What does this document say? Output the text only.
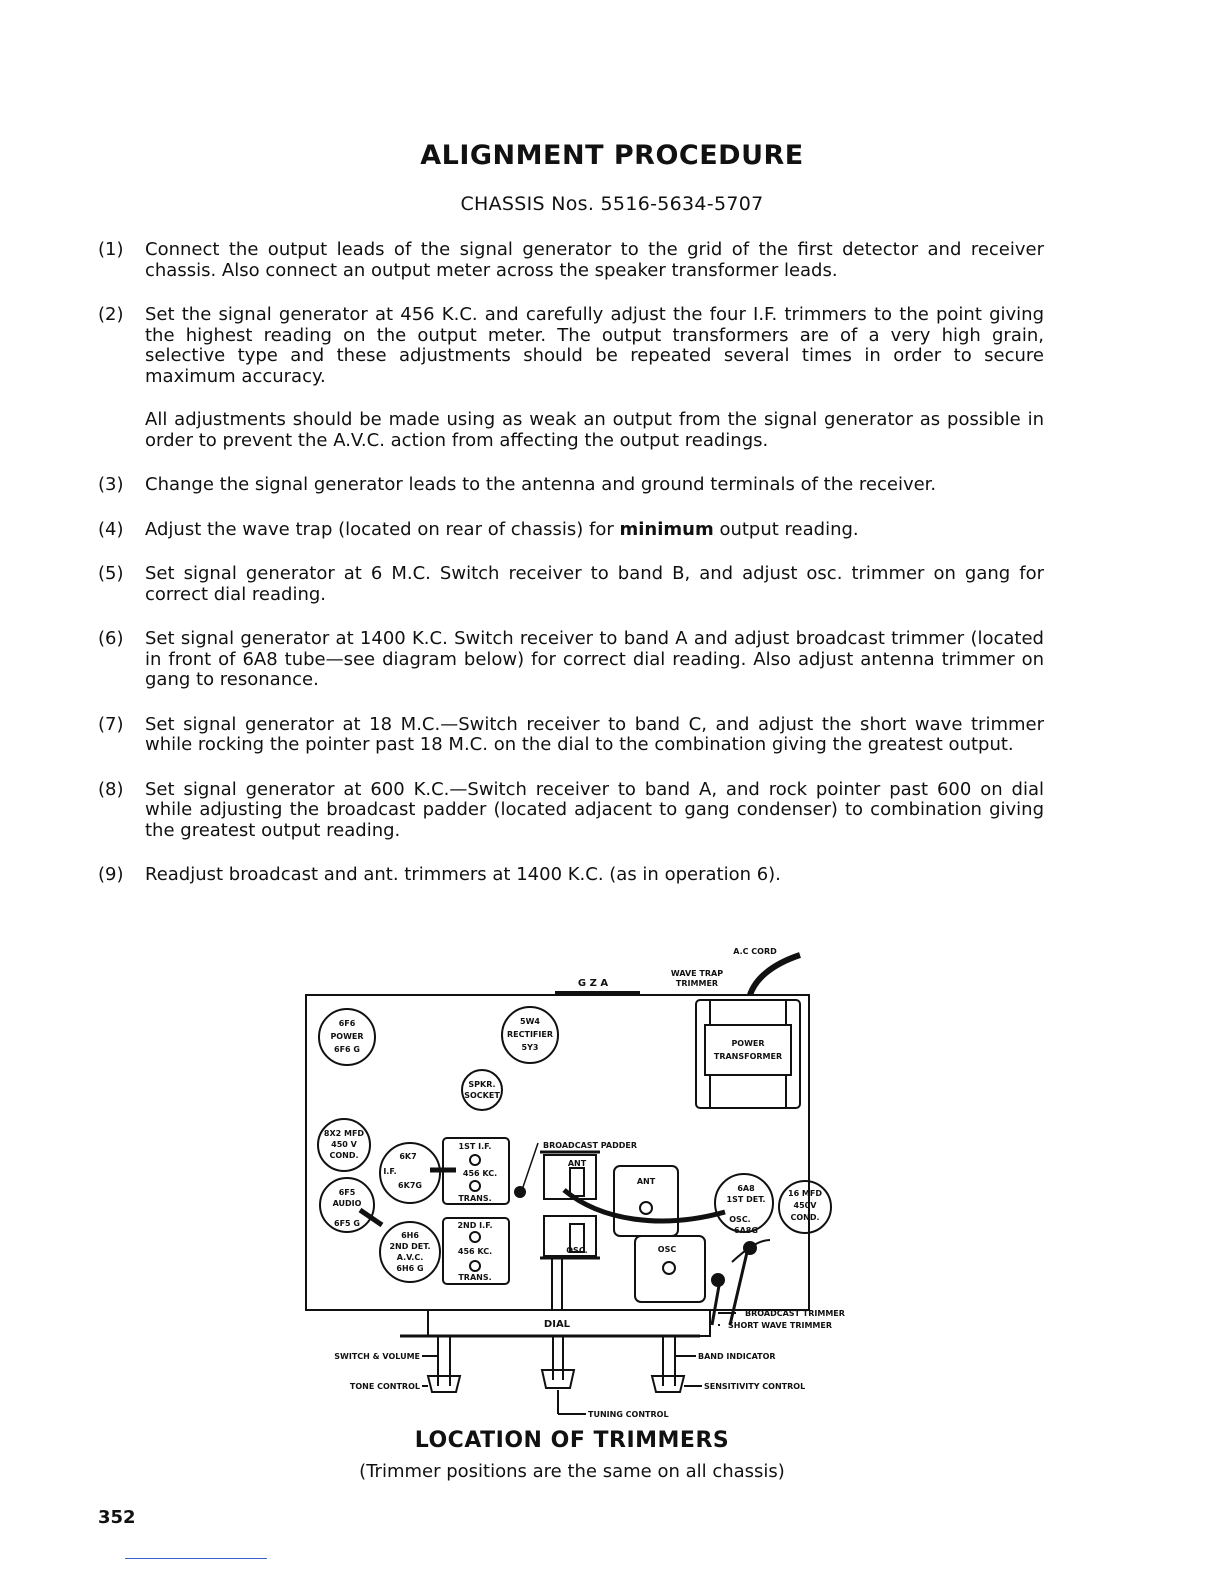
ALIGNMENT PROCEDURE
CHASSIS Nos. 5516-5634-5707
(1) Connect the output leads of the signal generator to the grid of the first detector and receiver chassis. Also connect an output meter across the speaker transformer leads.

(2) Set the signal generator at 456 K.C. and carefully adjust the four I.F. trimmers to the point giving the highest reading on the output meter. The output transformers are of a very high grain, selective type and these adjustments should be repeated several times in order to secure maximum accuracy.

All adjustments should be made using as weak an output from the signal generator as possible in order to prevent the A.V.C. action from affecting the output readings.

(3) Change the signal generator leads to the antenna and ground terminals of the receiver.

(4) Adjust the wave trap (located on rear of chassis) for minimum output reading.

(5) Set signal generator at 6 M.C. Switch receiver to band B, and adjust osc. trimmer on gang for correct dial reading.

(6) Set signal generator at 1400 K.C. Switch receiver to band A and adjust broadcast trimmer (located in front of 6A8 tube—see diagram below) for correct dial reading. Also adjust antenna trimmer on gang to resonance.

(7) Set signal generator at 18 M.C.—Switch receiver to band C, and adjust the short wave trimmer while rocking the pointer past 18 M.C. on the dial to the combination giving the greatest output.

(8) Set signal generator at 600 K.C.—Switch receiver to band A, and rock pointer past 600 on dial while adjusting the broadcast padder (located adjacent to gang condenser) to combination giving the greatest output reading.

(9) Readjust broadcast and ant. trimmers at 1400 K.C. (as in operation 6).

A.C CORD
G Z A
WAVE TRAP
TRIMMER
6F6
POWER
6F6 G
5W4
RECTIFIER
5Y3	POWER
TRANSFORMER
SPKR.
SOCKET
8X2 MFD
450 V
COND.	6K7
I.F.
6K7G
6F5
AUDIO
6F5 G
6H6
2ND DET.
A.V.C.
6H6 G
1ST I.F.
456 KC.
TRANS.
2ND I.F.
456 KC.
TRANS.
BROADCAST PADDER
ANT
OSC.
ANT
OSC
6A8
1ST DET.
OSC.
6A8G
16 MFD
450V
COND.
DIAL
BROADCAST TRIMMER
SHORT WAVE TRIMMER
SWITCH & VOLUME	BAND INDICATOR
TONE CONTROL	SENSITIVITY CONTROL
TUNING CONTROL
LOCATION OF TRIMMERS
(Trimmer positions are the same on all chassis)
352
